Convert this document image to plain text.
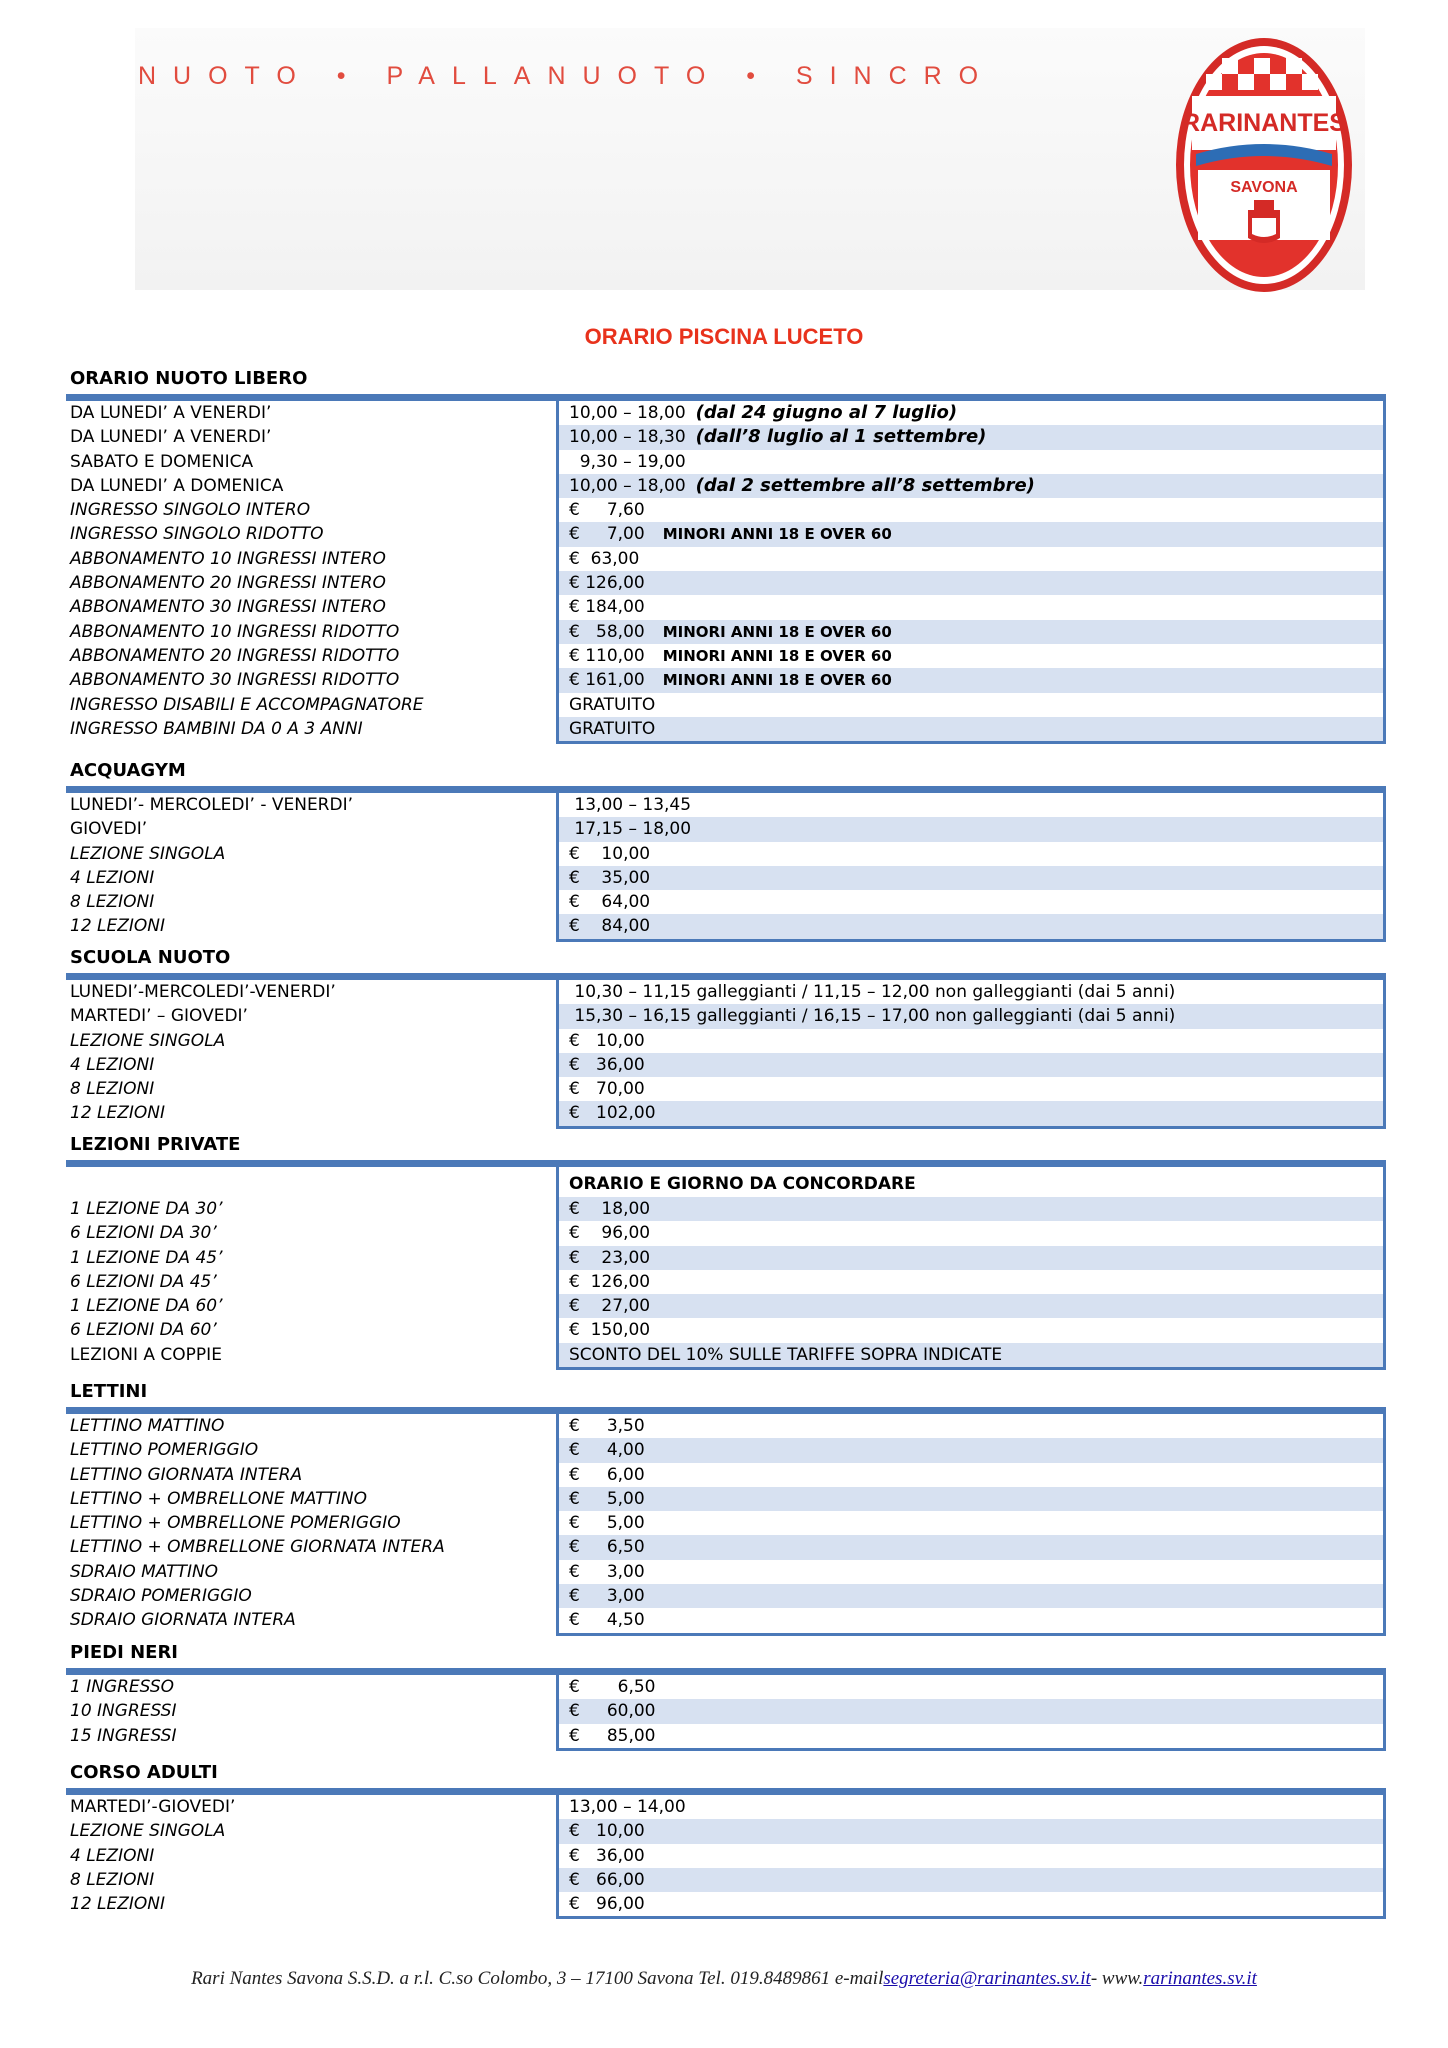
NUOTO • PALLANUOTO • SINCRO
RARINANTES
SAVONA
ORARIO PISCINA LUCETO
ORARIO NUOTO LIBERO
DA LUNEDI’ A VENERDI’	10,00 – 18,00 (dal 24 giugno al 7 luglio)
DA LUNEDI’ A VENERDI’	10,00 – 18,30 (dall’8 luglio al 1 settembre)
SABATO E DOMENICA	9,30 – 19,00
DA LUNEDI’ A DOMENICA	10,00 – 18,00 (dal 2 settembre all’8 settembre)
INGRESSO SINGOLO INTERO	€     7,60
INGRESSO SINGOLO RIDOTTO	€     7,00 MINORI ANNI 18 E OVER 60
ABBONAMENTO 10 INGRESSI INTERO	€  63,00
ABBONAMENTO 20 INGRESSI INTERO	€ 126,00
ABBONAMENTO 30 INGRESSI INTERO	€ 184,00
ABBONAMENTO 10 INGRESSI RIDOTTO	€   58,00 MINORI ANNI 18 E OVER 60
ABBONAMENTO 20 INGRESSI RIDOTTO	€ 110,00 MINORI ANNI 18 E OVER 60
ABBONAMENTO 30 INGRESSI RIDOTTO	€ 161,00 MINORI ANNI 18 E OVER 60
INGRESSO DISABILI E ACCOMPAGNATORE	GRATUITO
INGRESSO BAMBINI DA 0 A 3 ANNI	GRATUITO
ACQUAGYM
LUNEDI’- MERCOLEDI’ - VENERDI’	13,00 – 13,45
GIOVEDI’	17,15 – 18,00
LEZIONE SINGOLA	€    10,00
4 LEZIONI	€    35,00
8 LEZIONI	€    64,00
12 LEZIONI	€    84,00
SCUOLA NUOTO
LUNEDI’-MERCOLEDI’-VENERDI’	10,30 – 11,15 galleggianti / 11,15 – 12,00 non galleggianti (dai 5 anni)
MARTEDI’ – GIOVEDI’	15,30 – 16,15 galleggianti / 16,15 – 17,00 non galleggianti (dai 5 anni)
LEZIONE SINGOLA	€   10,00
4 LEZIONI	€   36,00
8 LEZIONI	€   70,00
12 LEZIONI	€   102,00
LEZIONI PRIVATE
ORARIO E GIORNO DA CONCORDARE
1 LEZIONE DA 30’	€    18,00
6 LEZIONI DA 30’	€    96,00
1 LEZIONE DA 45’	€    23,00
6 LEZIONI DA 45’	€  126,00
1 LEZIONE DA 60’	€    27,00
6 LEZIONI DA 60’	€  150,00
LEZIONI A COPPIE	SCONTO DEL 10% SULLE TARIFFE SOPRA INDICATE
LETTINI
LETTINO MATTINO	€     3,50
LETTINO POMERIGGIO	€     4,00
LETTINO GIORNATA INTERA	€     6,00
LETTINO + OMBRELLONE MATTINO	€     5,00
LETTINO + OMBRELLONE POMERIGGIO	€     5,00
LETTINO + OMBRELLONE GIORNATA INTERA	€     6,50
SDRAIO MATTINO	€     3,00
SDRAIO POMERIGGIO	€     3,00
SDRAIO GIORNATA INTERA	€     4,50
PIEDI NERI
1 INGRESSO	€       6,50
10 INGRESSI	€     60,00
15 INGRESSI	€     85,00
CORSO ADULTI
MARTEDI’-GIOVEDI’	13,00 – 14,00
LEZIONE SINGOLA	€   10,00
4 LEZIONI	€   36,00
8 LEZIONI	€   66,00
12 LEZIONI	€   96,00
Rari Nantes Savona S.S.D. a r.l. C.so Colombo, 3 – 17100 Savona Tel. 019.8489861 e-mailsegreteria@rarinantes.sv.it- www.rarinantes.sv.it
